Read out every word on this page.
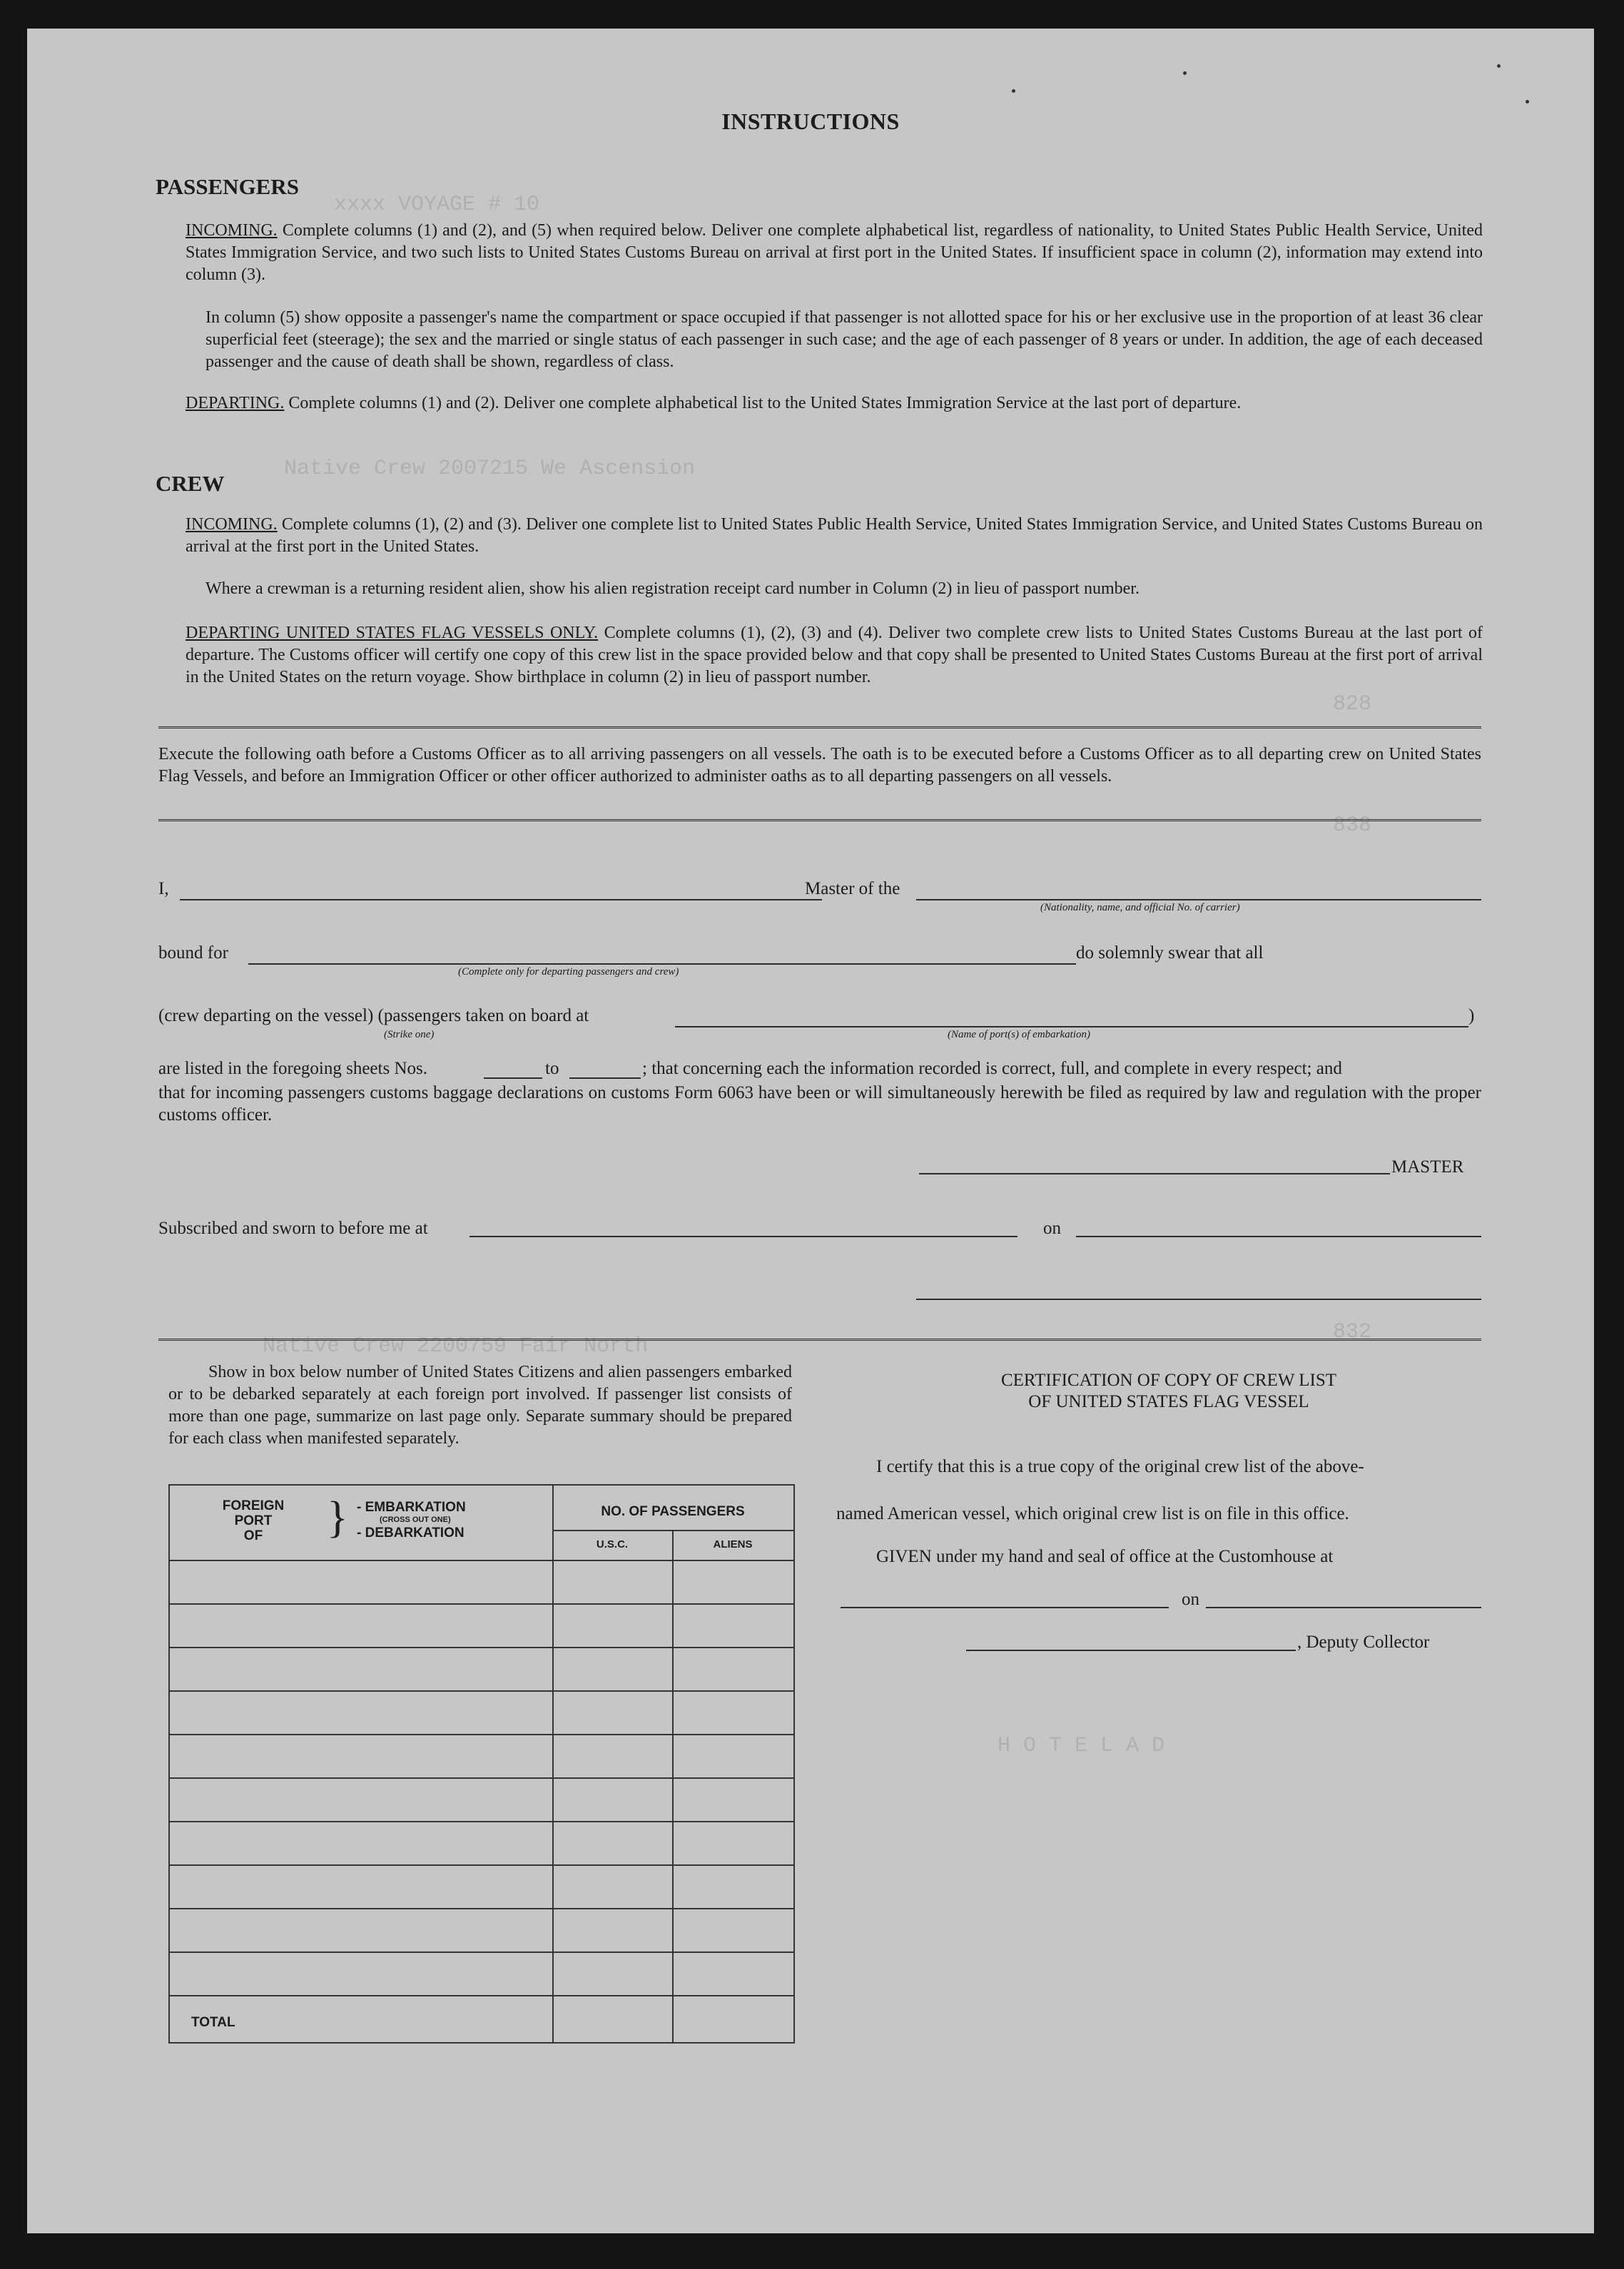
xxxx VOYAGE # 10
Native Crew 2007215 We Ascension
828
838
832
Native Crew 2200759 Fair North
H O T E L A D
INSTRUCTIONS
PASSENGERS
INCOMING. Complete columns (1) and (2), and (5) when required below. Deliver one complete alphabetical list, regardless of nationality, to United States Public Health Service, United States Immigration Service, and two such lists to United States Customs Bureau on arrival at first port in the United States. If insufficient space in column (2), information may extend into column (3).
In column (5) show opposite a passenger's name the compartment or space occupied if that passenger is not allotted space for his or her exclusive use in the proportion of at least 36 clear superficial feet (steerage); the sex and the married or single status of each passenger in such case; and the age of each passenger of 8 years or under. In addition, the age of each deceased passenger and the cause of death shall be shown, regardless of class.
DEPARTING. Complete columns (1) and (2). Deliver one complete alphabetical list to the United States Immigration Service at the last port of departure.
CREW
INCOMING. Complete columns (1), (2) and (3). Deliver one complete list to United States Public Health Service, United States Immigration Service, and United States Customs Bureau on arrival at the first port in the United States.
Where a crewman is a returning resident alien, show his alien registration receipt card number in Column (2) in lieu of passport number.
DEPARTING UNITED STATES FLAG VESSELS ONLY. Complete columns (1), (2), (3) and (4). Deliver two complete crew lists to United States Customs Bureau at the last port of departure. The Customs officer will certify one copy of this crew list in the space provided below and that copy shall be presented to United States Customs Bureau at the first port of arrival in the United States on the return voyage. Show birthplace in column (2) in lieu of passport number.
Execute the following oath before a Customs Officer as to all arriving passengers on all vessels. The oath is to be executed before a Customs Officer as to all departing crew on United States Flag Vessels, and before an Immigration Officer or other officer authorized to administer oaths as to all departing passengers on all vessels.
I,	Master of the
(Nationality, name, and official No. of carrier)
bound for
(Complete only for departing passengers and crew)
do solemnly swear that all
(crew departing on the vessel) (passengers taken on board at
(Strike one)	(Name of port(s) of embarkation)
)
are listed in the foregoing sheets Nos.	to	; that concerning each the information recorded is correct, full, and complete in every respect; and
that for incoming passengers customs baggage declarations on customs Form 6063 have been or will simultaneously herewith be filed as required by law and regulation with the proper customs officer.
MASTER
Subscribed and sworn to before me at	on
Show in box below number of United States Citizens and alien passengers embarked or to be debarked separately at each foreign port involved. If passenger list consists of more than one page, summarize on last page only. Separate summary should be prepared for each class when manifested separately.
FOREIGN
PORT
OF	} - EMBARKATION
(CROSS OUT ONE)
- DEBARKATION
NO. OF PASSENGERS
U.S.C.	ALIENS
TOTAL
CERTIFICATION OF COPY OF CREW LIST
OF UNITED STATES FLAG VESSEL
I certify that this is a true copy of the original crew list of the above-
named American vessel, which original crew list is on file in this office.
GIVEN under my hand and seal of office at the Customhouse at
on
, Deputy Collector
